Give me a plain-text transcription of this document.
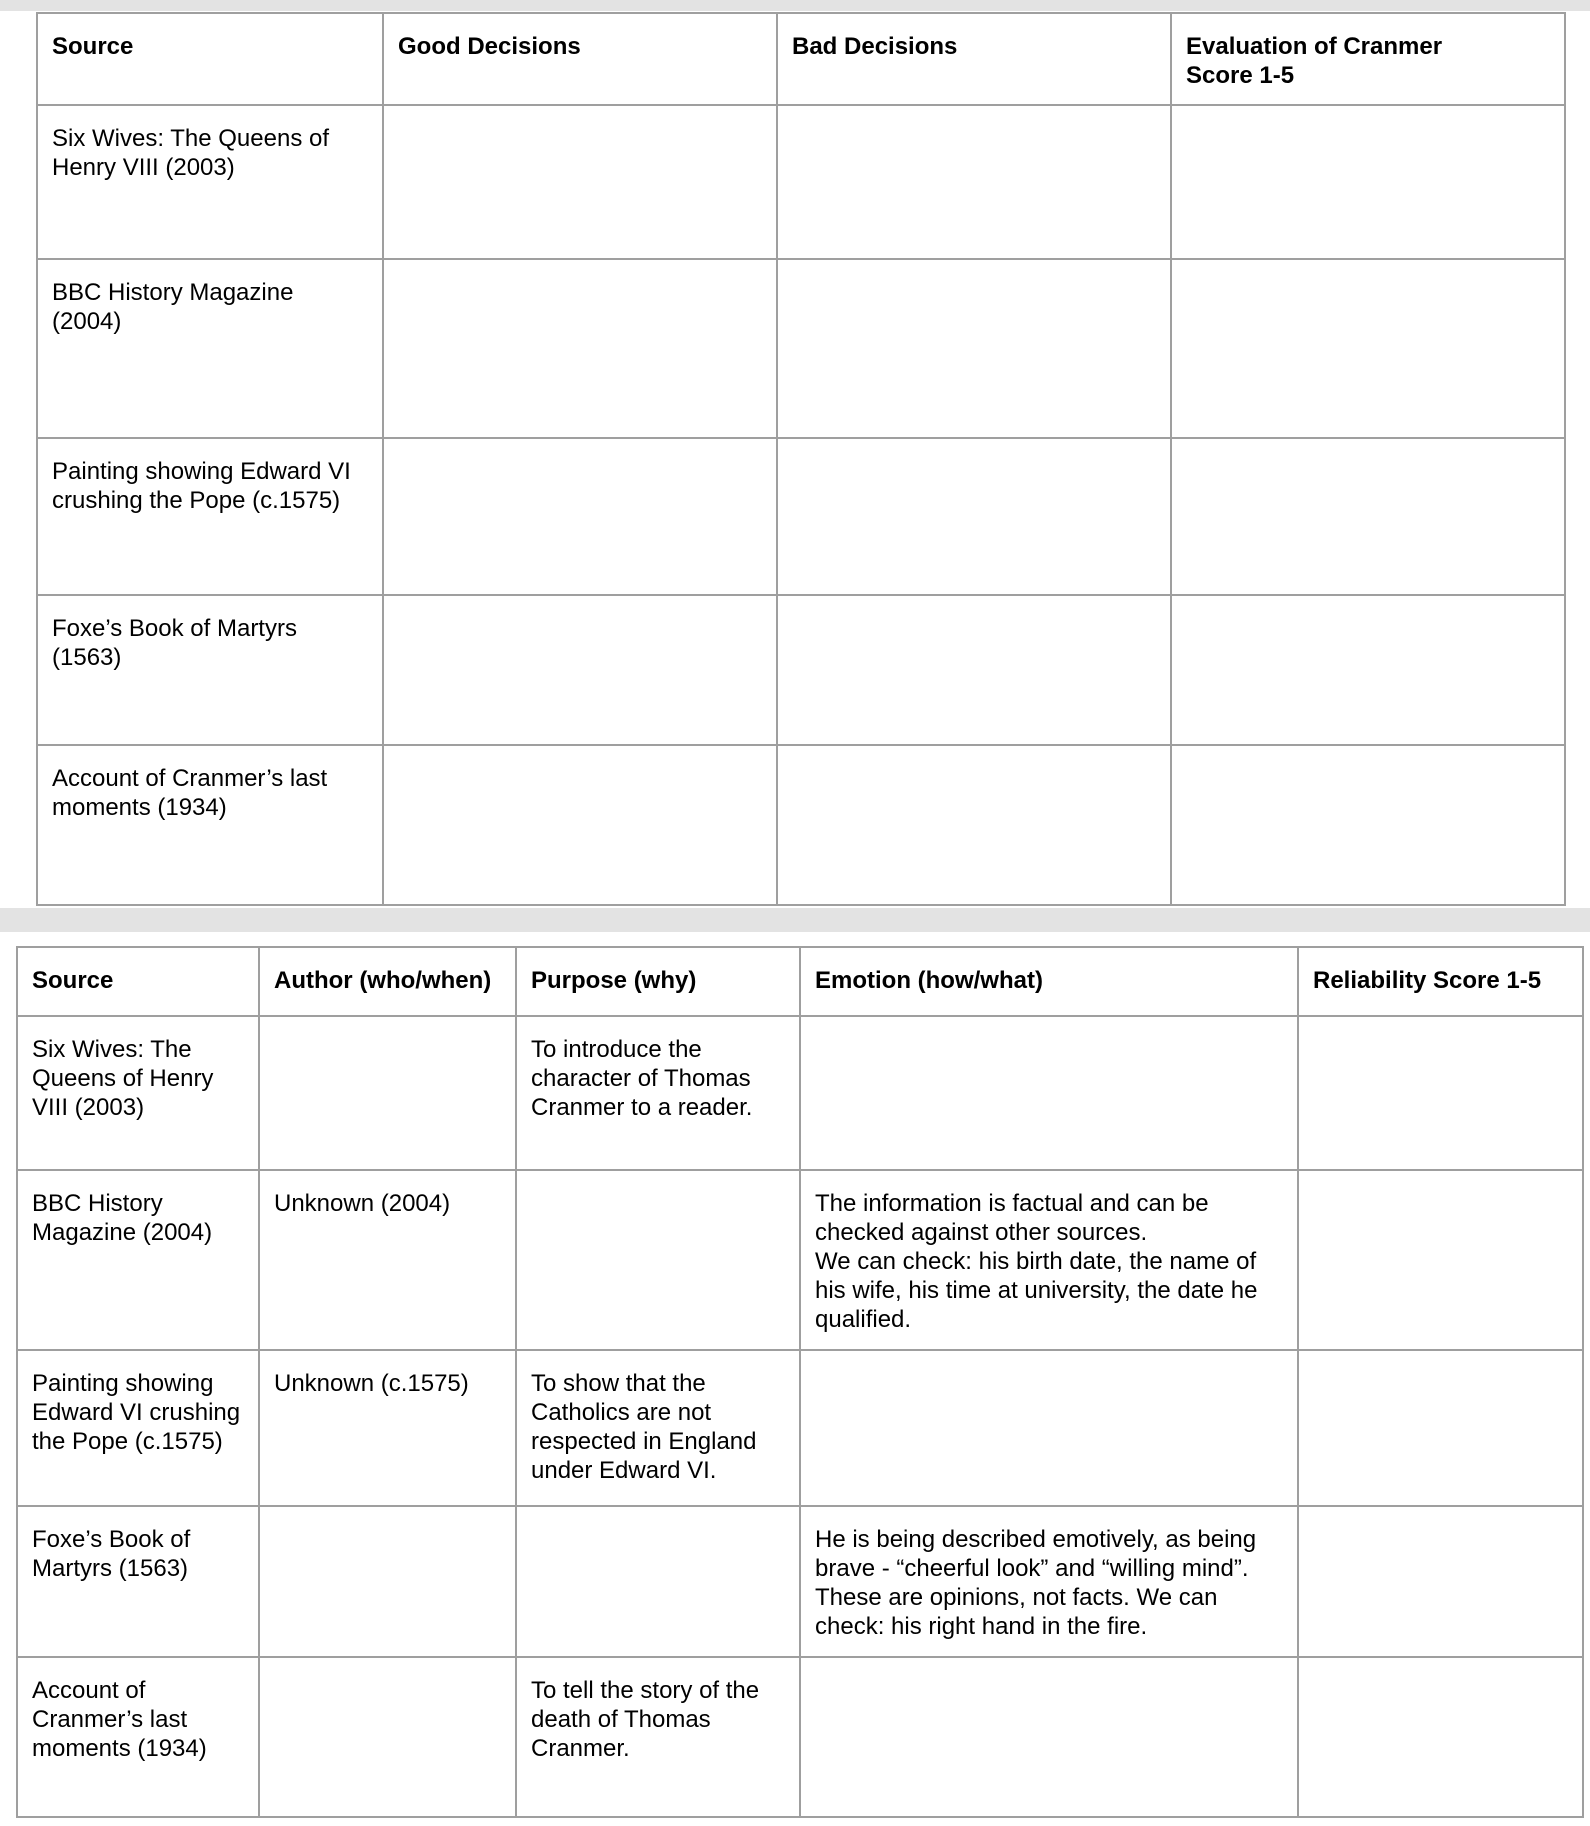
Source	Good Decisions	Bad Decisions	Evaluation of Cranmer
Score 1-5
Six Wives: The Queens of Henry VIII (2003)			
BBC History Magazine (2004)			
Painting showing Edward VI crushing the Pope (c.1575)			
Foxe’s Book of Martyrs (1563)			
Account of Cranmer’s last moments (1934)			
Source	Author (who/when)	Purpose (why)	Emotion (how/what)	Reliability Score 1-5
Six Wives: The Queens of Henry VIII (2003)		To introduce the character of Thomas Cranmer to a reader.		
BBC History Magazine (2004)	Unknown (2004)		The information is factual and can be checked against other sources.
We can check: his birth date, the name of his wife, his time at university, the date he qualified.	
Painting showing Edward VI crushing the Pope (c.1575)	Unknown (c.1575)	To show that the Catholics are not respected in England under Edward VI.		
Foxe’s Book of Martyrs (1563)			He is being described emotively, as being brave - “cheerful look” and “willing mind”. These are opinions, not facts. We can check: his right hand in the fire.	
Account of Cranmer’s last moments (1934)		To tell the story of the death of Thomas Cranmer.		
